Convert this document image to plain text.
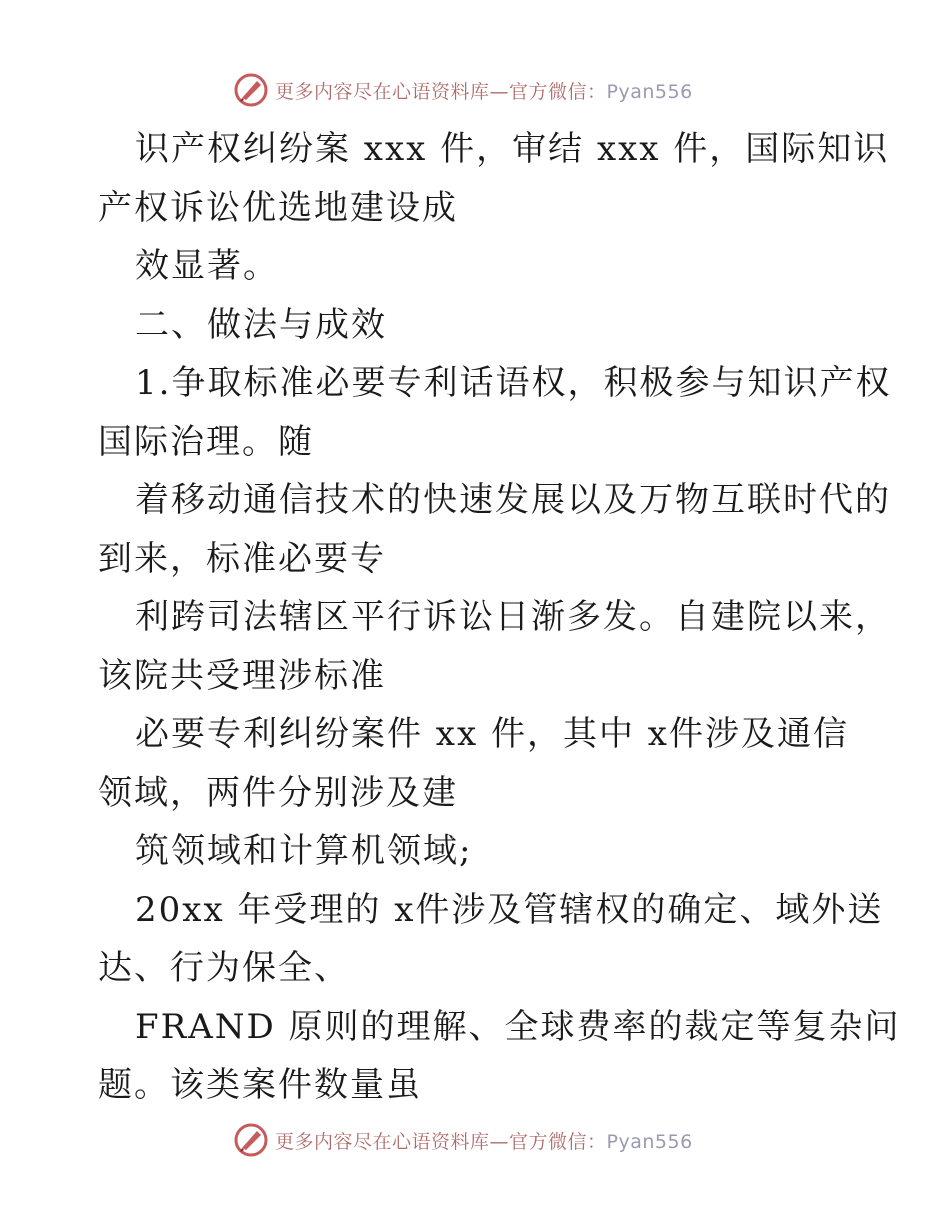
更多内容尽在心语资料库—官方微信：Pyan556
识产权纠纷案 xxx 件，审结 xxx 件，国际知识
产权诉讼优选地建设成
效显著。
二、做法与成效
1.争取标准必要专利话语权，积极参与知识产权
国际治理。随
着移动通信技术的快速发展以及万物互联时代的
到来，标准必要专
利跨司法辖区平行诉讼日渐多发。自建院以来，
该院共受理涉标准
必要专利纠纷案件 xx 件，其中 x件涉及通信
领域，两件分别涉及建
筑领域和计算机领域;
20xx 年受理的 x件涉及管辖权的确定、域外送
达、行为保全、
FRAND 原则的理解、全球费率的裁定等复杂问
题。该类案件数量虽
更多内容尽在心语资料库—官方微信：Pyan556
